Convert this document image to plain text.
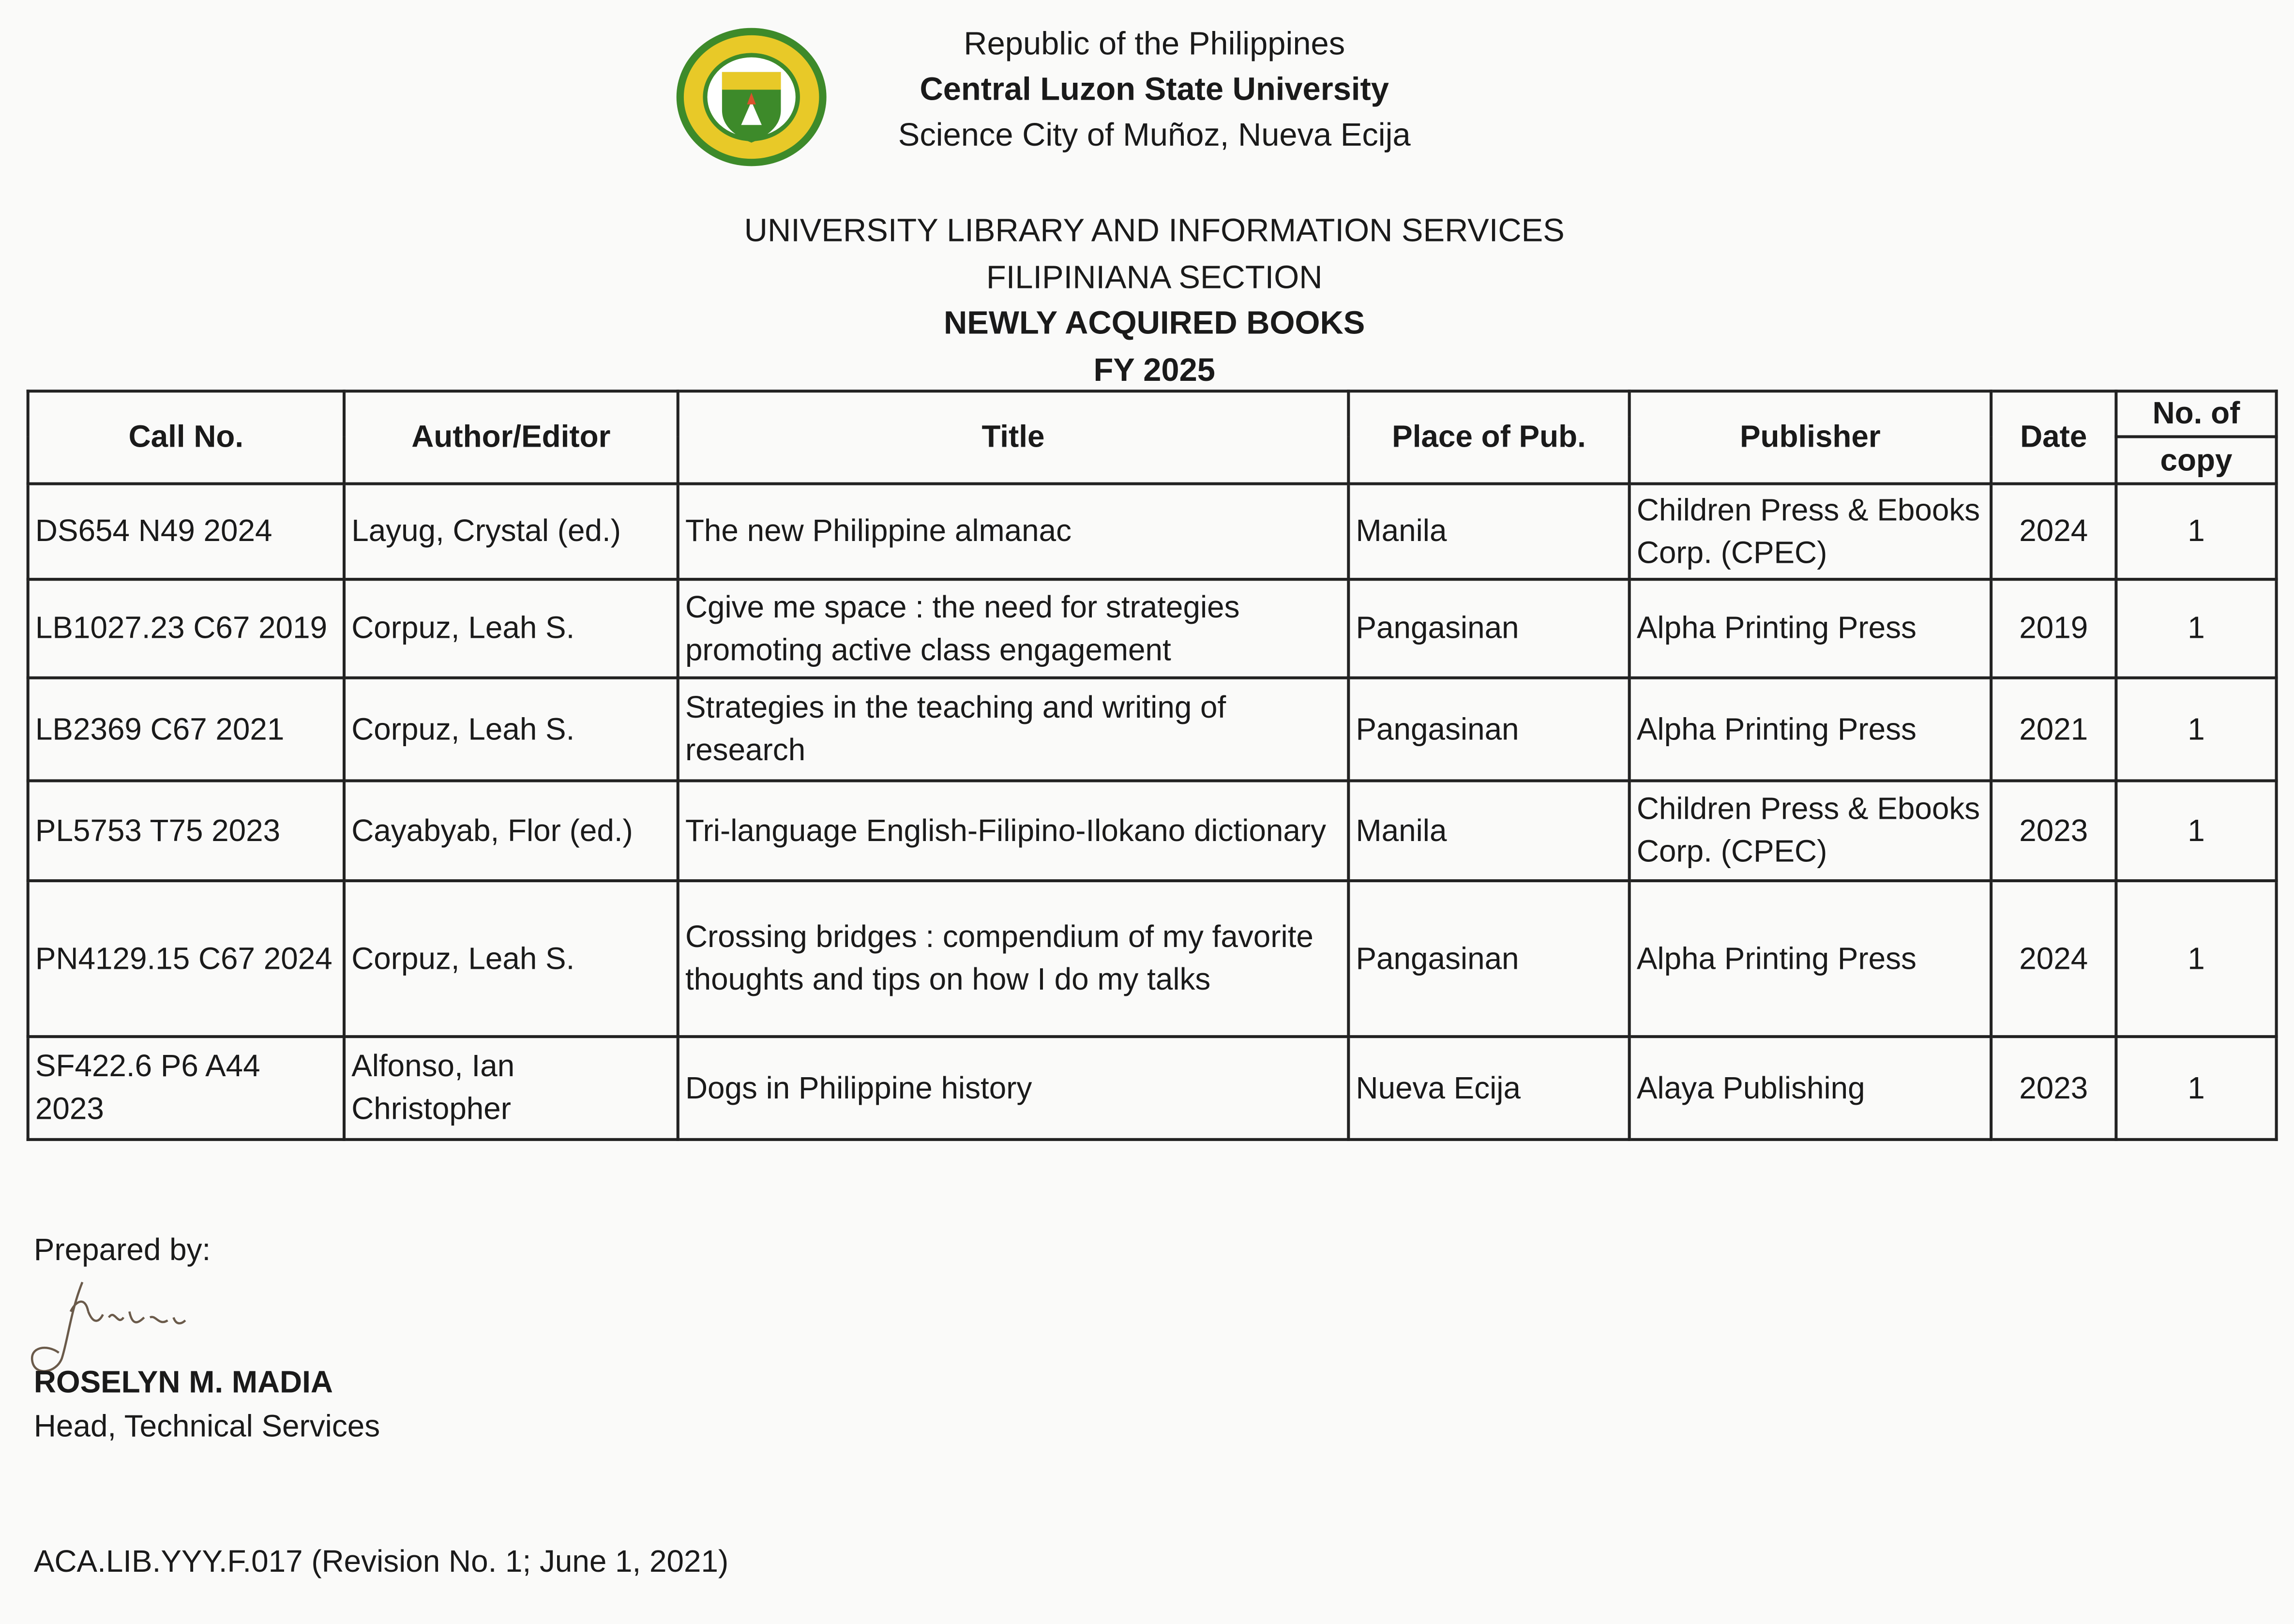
Republic of the Philippines
Central Luzon State University
Science City of Muñoz, Nueva Ecija
UNIVERSITY LIBRARY AND INFORMATION SERVICES
FILIPINIANA SECTION
NEWLY ACQUIRED BOOKS
FY 2025
Call No.	Author/Editor	Title	Place of Pub.	Publisher	Date	No. of
						copy
DS654 N49 2024	Layug, Crystal (ed.)	The new Philippine almanac	Manila	Children Press & Ebooks Corp. (CPEC)	2024	1
LB1027.23 C67 2019	Corpuz, Leah S.	Cgive me space : the need for strategies promoting active class engagement	Pangasinan	Alpha Printing Press	2019	1
LB2369 C67 2021	Corpuz, Leah S.	Strategies in the teaching and writing of research	Pangasinan	Alpha Printing Press	2021	1
PL5753 T75 2023	Cayabyab, Flor (ed.)	Tri-language English-Filipino-Ilokano dictionary	Manila	Children Press & Ebooks Corp. (CPEC)	2023	1
PN4129.15 C67 2024	Corpuz, Leah S.	Crossing bridges : compendium of my favorite thoughts and tips on how I do my talks	Pangasinan	Alpha Printing Press	2024	1
SF422.6 P6 A44 2023	Alfonso, Ian Christopher	Dogs in Philippine history	Nueva Ecija	Alaya Publishing	2023	1
Prepared by:
ROSELYN M. MADIA
Head, Technical Services
ACA.LIB.YYY.F.017 (Revision No. 1; June 1, 2021)
